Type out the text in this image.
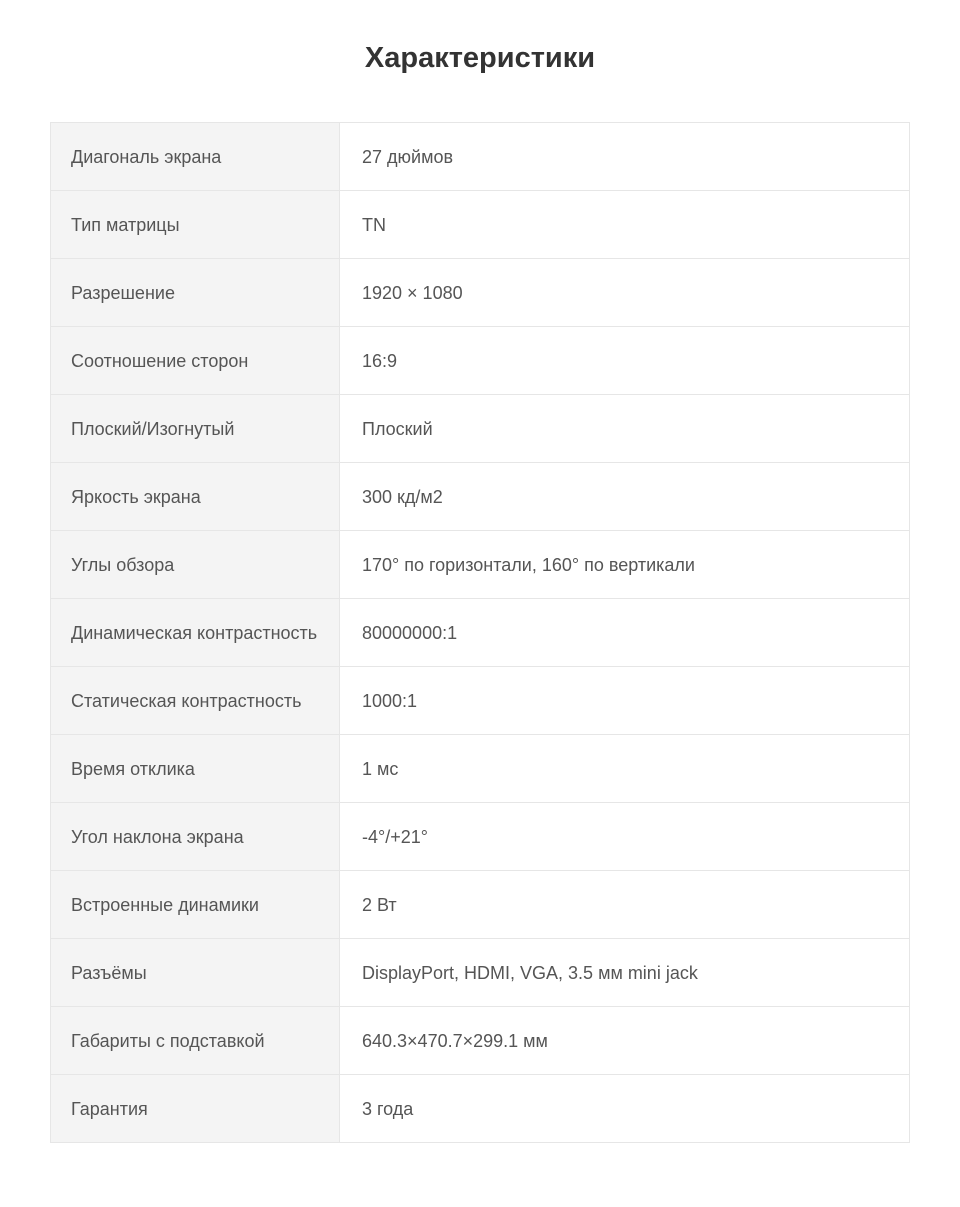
Характеристики
Диагональ экрана	27 дюймов
Тип матрицы	TN
Разрешение	1920 × 1080
Соотношение сторон	16:9
Плоский/Изогнутый	Плоский
Яркость экрана	300 кд/м2
Углы обзора	170° по горизонтали, 160° по вертикали
Динамическая контрастность	80000000:1
Статическая контрастность	1000:1
Время отклика	1 мс
Угол наклона экрана	-4°/+21°
Встроенные динамики	2 Вт
Разъёмы	DisplayPort, HDMI, VGA, 3.5 мм mini jack
Габариты с подставкой	640.3×470.7×299.1 мм
Гарантия	3 года
